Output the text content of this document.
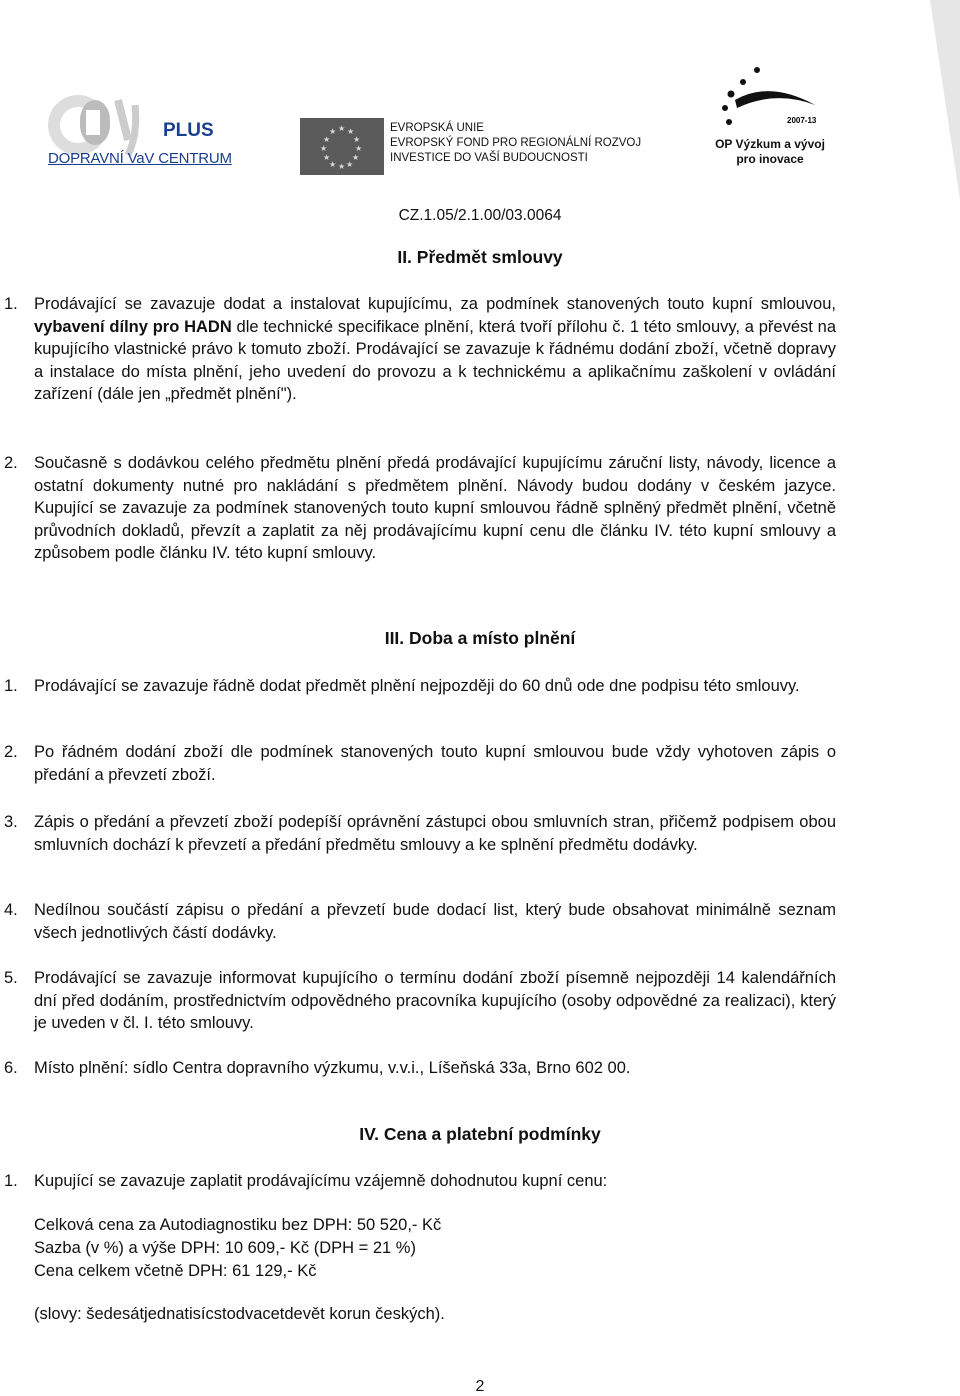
PLUS
DOPRAVNÍ VaV CENTRUM
★ ★
★
★
★
★
★
★
★
★
★
★	EVROPSKÁ UNIE
EVROPSKÝ FOND PRO REGIONÁLNÍ ROZVOJ
INVESTICE DO VAŠÍ BUDOUCNOSTI
2007-13
OP Výzkum a vývoj
pro inovace
CZ.1.05/2.1.00/03.0064
II. Předmět smlouvy
1. Prodávající se zavazuje dodat a instalovat kupujícímu, za podmínek stanovených touto kupní smlouvou, vybavení dílny pro HADN dle technické specifikace plnění, která tvoří přílohu č. 1 této smlouvy, a převést na kupujícího vlastnické právo k tomuto zboží. Prodávající se zavazuje k řádnému dodání zboží, včetně dopravy a instalace do místa plnění, jeho uvedení do provozu a k technickému a aplikačnímu zaškolení v ovládání zařízení (dále jen „předmět plnění").
2. Současně s dodávkou celého předmětu plnění předá prodávající kupujícímu záruční listy, návody, licence a ostatní dokumenty nutné pro nakládání s předmětem plnění. Návody budou dodány v českém jazyce. Kupující se zavazuje za podmínek stanovených touto kupní smlouvou řádně splněný předmět plnění, včetně průvodních dokladů, převzít a zaplatit za něj prodávajícímu kupní cenu dle článku IV. této kupní smlouvy a způsobem podle článku IV. této kupní smlouvy.
III. Doba a místo plnění
1. Prodávající se zavazuje řádně dodat předmět plnění nejpozději do 60 dnů ode dne podpisu této smlouvy.
2. Po řádném dodání zboží dle podmínek stanovených touto kupní smlouvou bude vždy vyhotoven zápis o předání a převzetí zboží.
3. Zápis o předání a převzetí zboží podepíší oprávnění zástupci obou smluvních stran, přičemž podpisem obou smluvních dochází k převzetí a předání předmětu smlouvy a ke splnění předmětu dodávky.
4. Nedílnou součástí zápisu o předání a převzetí bude dodací list, který bude obsahovat minimálně seznam všech jednotlivých částí dodávky.
5. Prodávající se zavazuje informovat kupujícího o termínu dodání zboží písemně nejpozději 14 kalendářních dní před dodáním, prostřednictvím odpovědného pracovníka kupujícího (osoby odpovědné za realizaci), který je uveden v čl. I. této smlouvy.
6. Místo plnění: sídlo Centra dopravního výzkumu, v.v.i., Líšeňská 33a, Brno 602 00.
IV. Cena a platební podmínky
1. Kupující se zavazuje zaplatit prodávajícímu vzájemně dohodnutou kupní cenu:
Celková cena za Autodiagnostiku bez DPH: 50 520,- Kč
Sazba (v %) a výše DPH: 10 609,- Kč (DPH = 21 %)
Cena celkem včetně DPH: 61 129,- Kč
(slovy: šedesátjednatisícstodvacetdevět korun českých).
2
